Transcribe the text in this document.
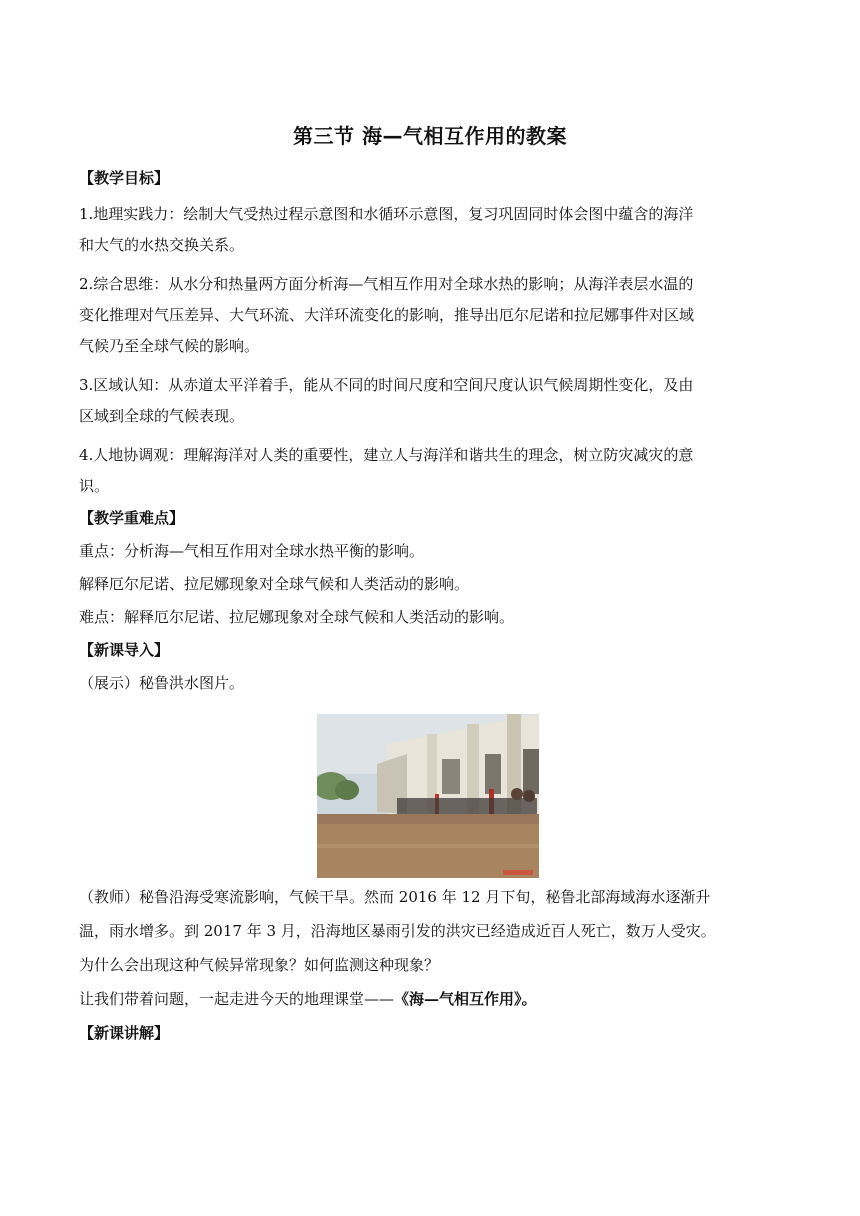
第三节 海—气相互作用的教案
【教学目标】
1.地理实践力：绘制大气受热过程示意图和水循环示意图，复习巩固同时体会图中蕴含的海洋
和大气的水热交换关系。
2.综合思维：从水分和热量两方面分析海—气相互作用对全球水热的影响；从海洋表层水温的
变化推理对气压差异、大气环流、大洋环流变化的影响，推导出厄尔尼诺和拉尼娜事件对区域
气候乃至全球气候的影响。
3.区域认知：从赤道太平洋着手，能从不同的时间尺度和空间尺度认识气候周期性变化，及由
区域到全球的气候表现。
4.人地协调观：理解海洋对人类的重要性，建立人与海洋和谐共生的理念，树立防灾减灾的意
识。
【教学重难点】
重点：分析海—气相互作用对全球水热平衡的影响。
解释厄尔尼诺、拉尼娜现象对全球气候和人类活动的影响。
难点：解释厄尔尼诺、拉尼娜现象对全球气候和人类活动的影响。
【新课导入】
（展示）秘鲁洪水图片。
（教师）秘鲁沿海受寒流影响，气候干旱。然而 2016 年 12 月下旬，秘鲁北部海域海水逐渐升
温，雨水增多。到 2017 年 3 月，沿海地区暴雨引发的洪灾已经造成近百人死亡，数万人受灾。
为什么会出现这种气候异常现象？如何监测这种现象？
让我们带着问题，一起走进今天的地理课堂——《海—气相互作用》。
【新课讲解】
